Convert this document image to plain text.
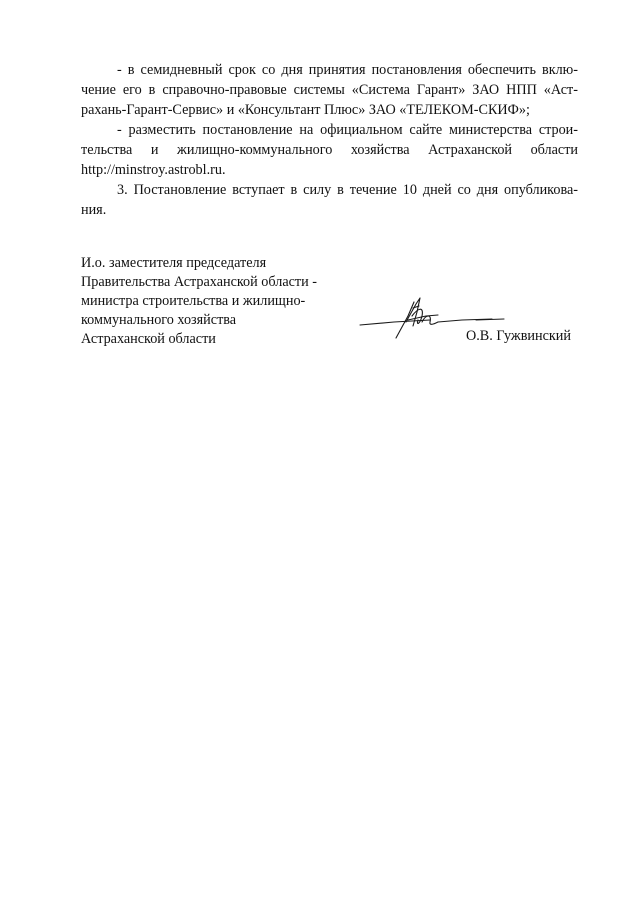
- в семидневный срок со дня принятия постановления обеспечить вклю-
чение его в справочно-правовые системы «Система Гарант» ЗАО НПП «Аст-
рахань-Гарант-Сервис» и «Консультант Плюс» ЗАО «ТЕЛЕКОМ-СКИФ»;
- разместить постановление на официальном сайте министерства строи-
тельства и жилищно-коммунального хозяйства Астраханской области
http://minstroy.astrobl.ru.
3. Постановление вступает в силу в течение 10 дней со дня опубликова-
ния.
И.о. заместителя председателя
Правительства Астраханской области -
министра строительства и жилищно-
коммунального хозяйства
Астраханской области	О.В. Гужвинский
